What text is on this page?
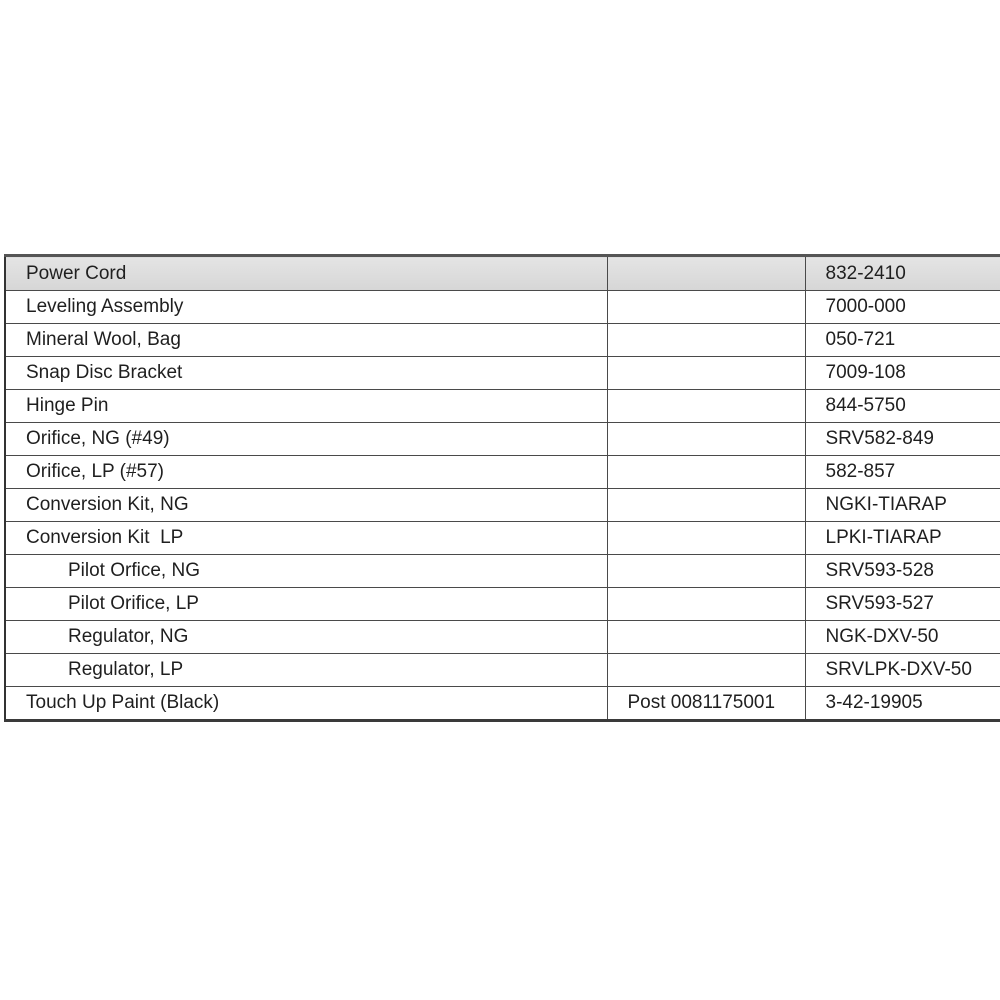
Power Cord		832-2410
Leveling Assembly		7000-000
Mineral Wool, Bag		050-721
Snap Disc Bracket		7009-108
Hinge Pin		844-5750
Orifice, NG (#49)		SRV582-849
Orifice, LP (#57)		582-857
Conversion Kit, NG		NGKI-TIARAP
Conversion Kit  LP		LPKI-TIARAP
Pilot Orfice, NG		SRV593-528
Pilot Orifice, LP		SRV593-527
Regulator, NG		NGK-DXV-50
Regulator, LP		SRVLPK-DXV-50
Touch Up Paint (Black)	Post 0081175001	3-42-19905
